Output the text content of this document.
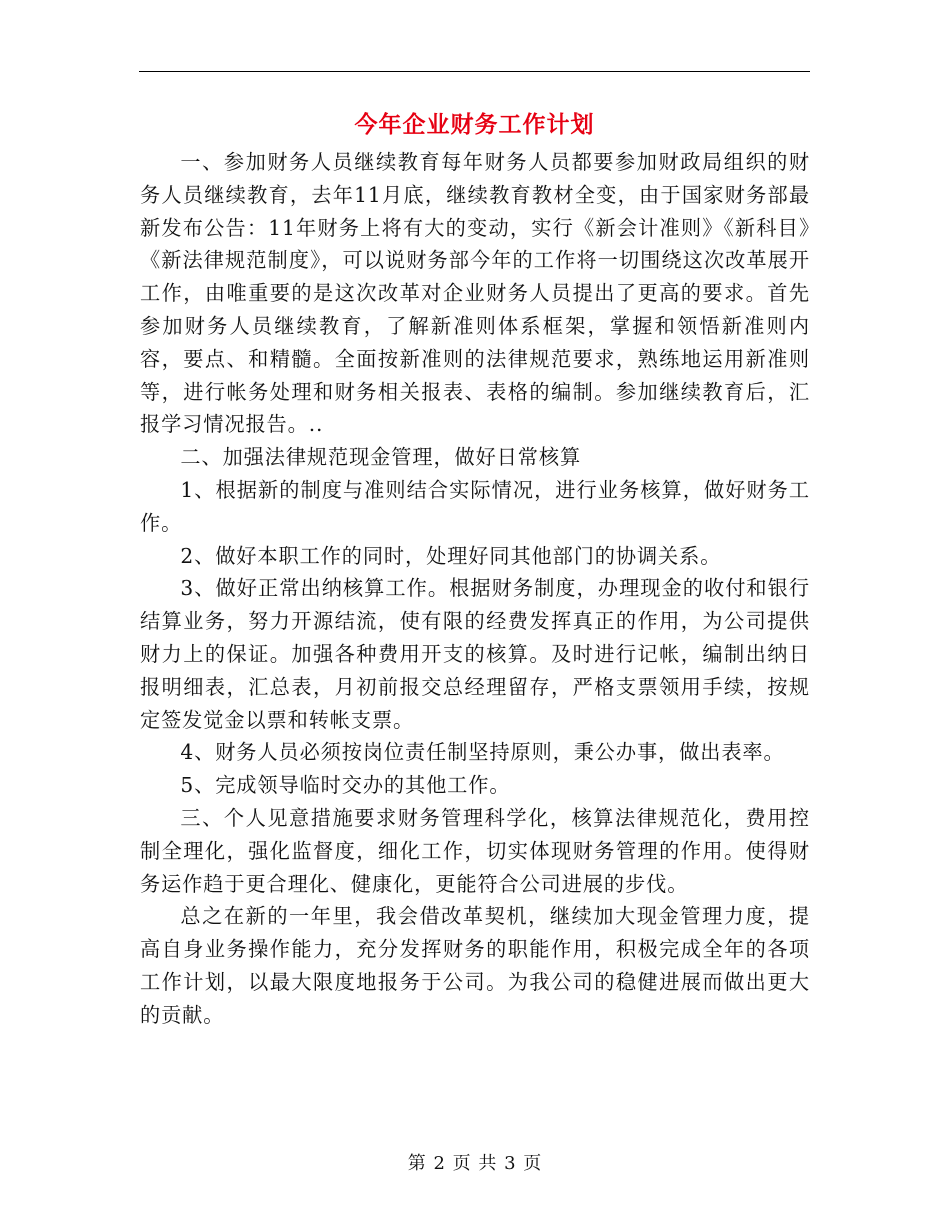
今年企业财务工作计划

一、参加财务人员继续教育每年财务人员都要参加财政局组织的财务人员继续教育，去年11月底，继续教育教材全变，由于国家财务部最新发布公告：11年财务上将有大的变动，实行《新会计准则》《新科目》《新法律规范制度》，可以说财务部今年的工作将一切围绕这次改革展开工作，由唯重要的是这次改革对企业财务人员提出了更高的要求。首先参加财务人员继续教育，了解新准则体系框架，掌握和领悟新准则内容，要点、和精髓。全面按新准则的法律规范要求，熟练地运用新准则等，进行帐务处理和财务相关报表、表格的编制。参加继续教育后，汇报学习情况报告。..

二、加强法律规范现金管理，做好日常核算

1、根据新的制度与准则结合实际情况，进行业务核算，做好财务工作。

2、做好本职工作的同时，处理好同其他部门的协调关系。

3、做好正常出纳核算工作。根据财务制度，办理现金的收付和银行结算业务，努力开源结流，使有限的经费发挥真正的作用，为公司提供财力上的保证。加强各种费用开支的核算。及时进行记帐，编制出纳日报明细表，汇总表，月初前报交总经理留存，严格支票领用手续，按规定签发觉金以票和转帐支票。

4、财务人员必须按岗位责任制坚持原则，秉公办事，做出表率。

5、完成领导临时交办的其他工作。

三、个人见意措施要求财务管理科学化，核算法律规范化，费用控制全理化，强化监督度，细化工作，切实体现财务管理的作用。使得财务运作趋于更合理化、健康化，更能符合公司进展的步伐。

总之在新的一年里，我会借改革契机，继续加大现金管理力度，提高自身业务操作能力，充分发挥财务的职能作用，积极完成全年的各项工作计划，以最大限度地报务于公司。为我公司的稳健进展而做出更大的贡献。

第 2 页 共 3 页
